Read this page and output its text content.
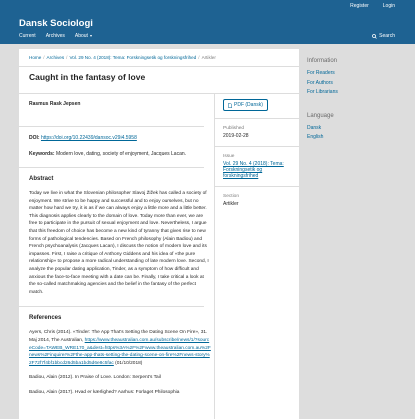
Register	Login
Dansk Sociologi
Current Archives About ▾	Search
Home / Archives / Vol. 29 No. 4 (2018): Tema: Forskningsetik og forskningsfrihed / Artikler
Caught in the fantasy of love
Rasmus Rask Jepsen
DOI: https://doi.org/10.22439/dansoc.v29i4.5958
Keywords: Modern love, dating, society of enjoyment, Jacques Lacan.
Abstract
Today we live in what the Slovenian philosopher Slavoj Žižek has called a society of enjoyment. We strive to be happy and successful and to enjoy ourselves, but no matter how hard we try, it is as if we can always enjoy a little more and a little better. This diagnosis applies clearly to the domain of love. Today more than ever, we are free to participate in the pursuit of sexual enjoyment and love. Nevertheless, I argue that this freedom of choice has become a new kind of tyranny that gives rise to new forms of pathological tendencies. Based on French philosophy (Alain Badiou) and French psychoanalysis (Jacques Lacan), I discuss the notion of modern love and its impasses. First, I raise a critique of Anthony Giddens and his idea of «the pure relationship» to propose a more radical understanding of late modern love. Second, I analyze the popular dating application, Tinder, as a symptom of how difficult and anxious the face-to-face meeting with a date can be. Finally, I take critical a look at the so-called matchmaking agencies and the belief in the fantasy of the perfect match.
References

Ayers, Chris (2014). «Tinder: The App That’s Setting the Dating Scene On Fire», 31. Maj 2014, The Australian, https://www.theaustralian.com.au/subscribe/news/1/?sourceCode=TAWEB_WRE170_a&dest=https%3A%2F%2Fwww.theaustralian.com.au%2Fnews%2Finquirer%2Fthe-app-thats-setting-the-dating-scene-on-fire%2Fnews-story%2F72f7f4bf1bbcd26d5ba1bd5d6e8c5fac (01/10/2018)

Badiou, Alain (2012). In Praise of Love. London: Serpent’s Tail

Badiou, Alain (2017). Hvad er kærlighed? Aarhus: Forlaget Philosophia

PDF (Dansk)
Published
2019-02-28
Issue
Vol. 29 No. 4 (2018): Tema: Forskningsetik og forskningsfrihed
Section
Artikler
Information
For Readers
For Authors
For Librarians
Language
Dansk
English
